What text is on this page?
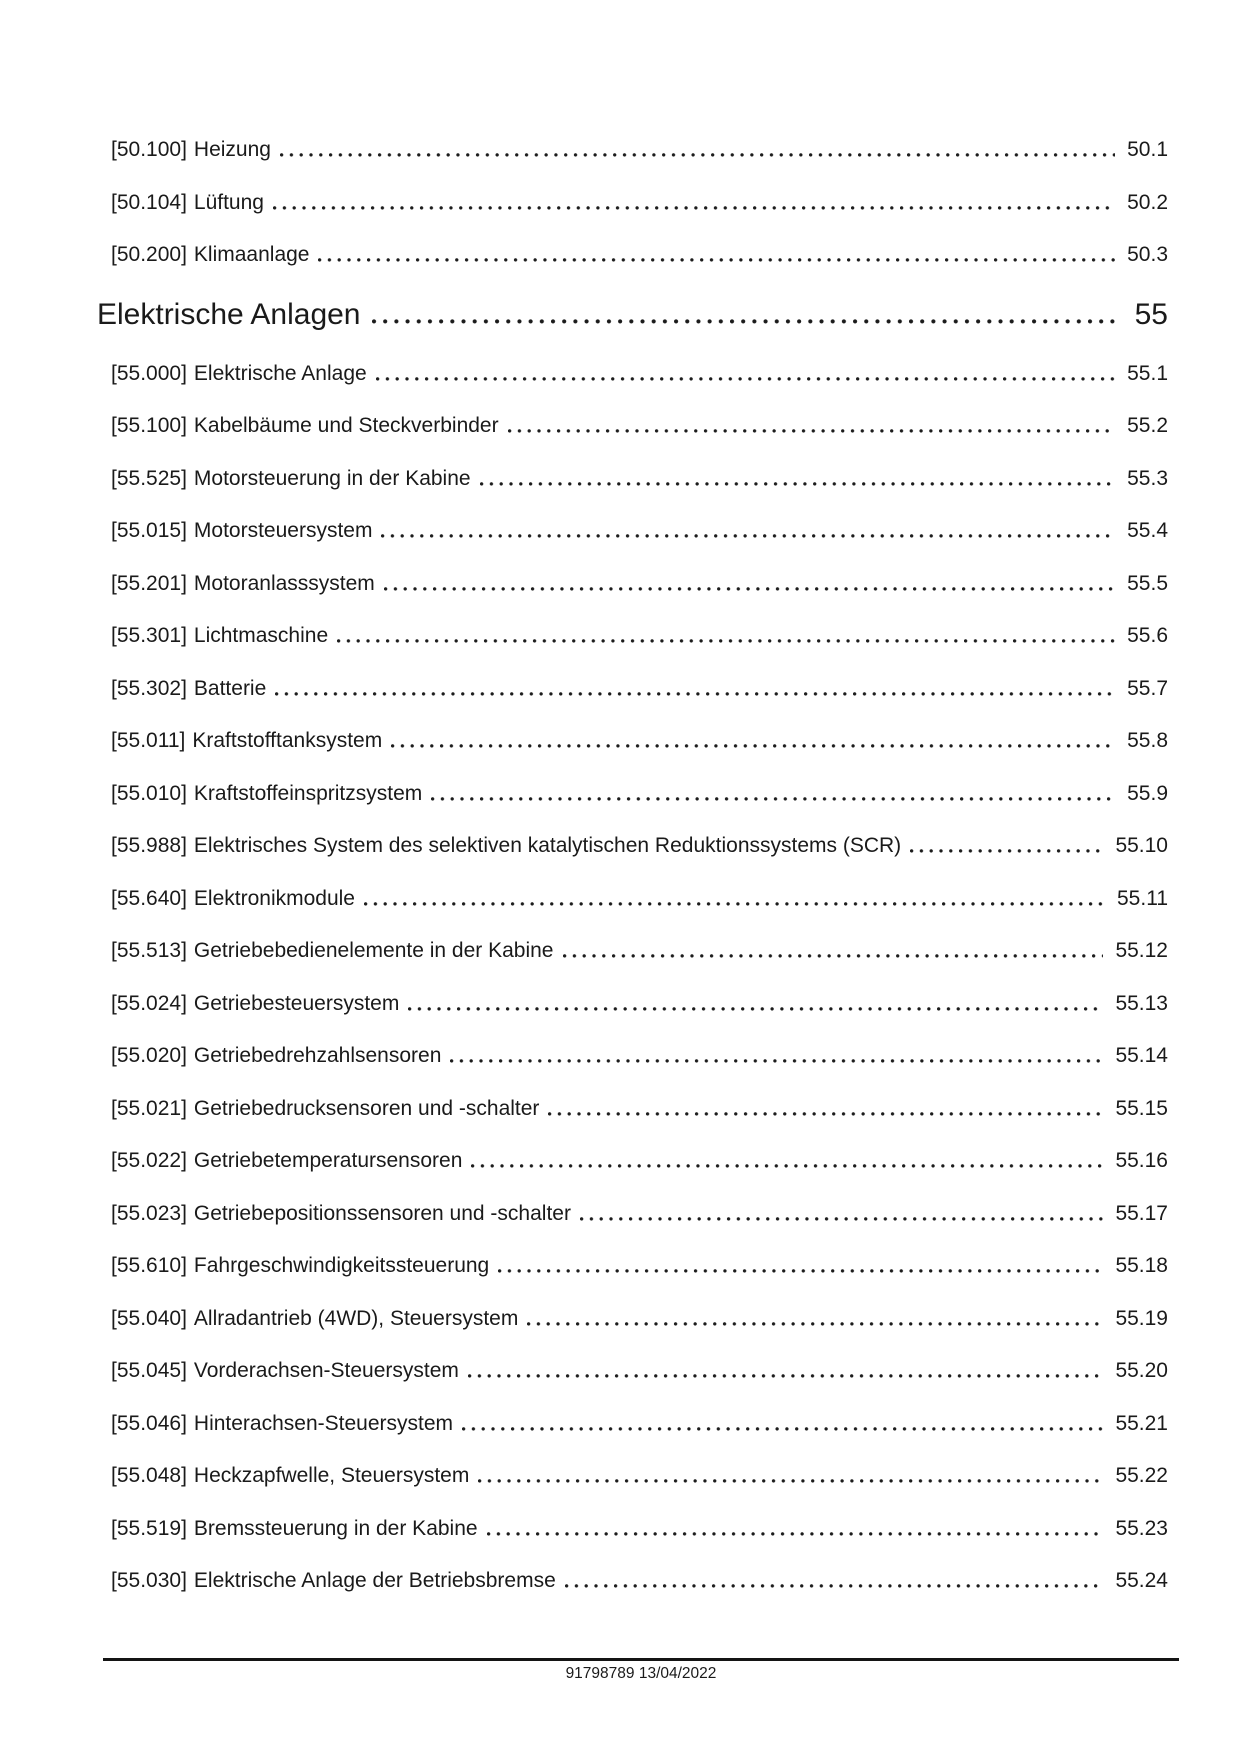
[50.100] Heizung	50.1
[50.104] Lüftung	50.2
[50.200] Klimaanlage	50.3
Elektrische Anlagen	55
[55.000] Elektrische Anlage	55.1
[55.100] Kabelbäume und Steckverbinder	55.2
[55.525] Motorsteuerung in der Kabine	55.3
[55.015] Motorsteuersystem	55.4
[55.201] Motoranlasssystem	55.5
[55.301] Lichtmaschine	55.6
[55.302] Batterie	55.7
[55.011] Kraftstofftanksystem	55.8
[55.010] Kraftstoffeinspritzsystem	55.9
[55.988] Elektrisches System des selektiven katalytischen Reduktionssystems (SCR)	55.10
[55.640] Elektronikmodule	55.11
[55.513] Getriebebedienelemente in der Kabine	55.12
[55.024] Getriebesteuersystem	55.13
[55.020] Getriebedrehzahlsensoren	55.14
[55.021] Getriebedrucksensoren und -schalter	55.15
[55.022] Getriebetemperatursensoren	55.16
[55.023] Getriebepositionssensoren und -schalter	55.17
[55.610] Fahrgeschwindigkeitssteuerung	55.18
[55.040] Allradantrieb (4WD), Steuersystem	55.19
[55.045] Vorderachsen-Steuersystem	55.20
[55.046] Hinterachsen-Steuersystem	55.21
[55.048] Heckzapfwelle, Steuersystem	55.22
[55.519] Bremssteuerung in der Kabine	55.23
[55.030] Elektrische Anlage der Betriebsbremse	55.24
91798789 13/04/2022
